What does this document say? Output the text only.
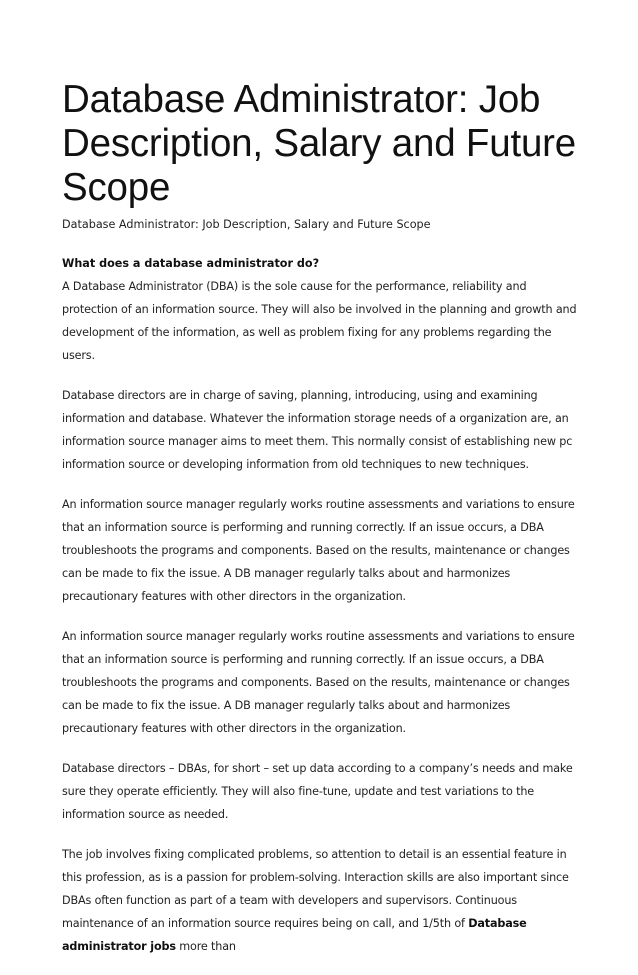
Database Administrator: Job Description, Salary and Future Scope

Database Administrator: Job Description, Salary and Future Scope

What does a database administrator do?

A Database Administrator (DBA) is the sole cause for the performance, reliability and protection of an information source. They will also be involved in the planning and growth and development of the information, as well as problem fixing for any problems regarding the users.

Database directors are in charge of saving, planning, introducing, using and examining information and database. Whatever the information storage needs of a organization are, an information source manager aims to meet them. This normally consist of establishing new pc information source or developing information from old techniques to new techniques.

An information source manager regularly works routine assessments and variations to ensure that an information source is performing and running correctly. If an issue occurs, a DBA troubleshoots the programs and components. Based on the results, maintenance or changes can be made to fix the issue. A DB manager regularly talks about and harmonizes precautionary features with other directors in the organization.

An information source manager regularly works routine assessments and variations to ensure that an information source is performing and running correctly. If an issue occurs, a DBA troubleshoots the programs and components. Based on the results, maintenance or changes can be made to fix the issue. A DB manager regularly talks about and harmonizes precautionary features with other directors in the organization.

Database directors – DBAs, for short – set up data according to a company’s needs and make sure they operate efficiently. They will also fine-tune, update and test variations to the information source as needed.

The job involves fixing complicated problems, so attention to detail is an essential feature in this profession, as is a passion for problem-solving. Interaction skills are also important since DBAs often function as part of a team with developers and supervisors. Continuous maintenance of an information source requires being on call, and 1/5th of Database administrator jobs more than
